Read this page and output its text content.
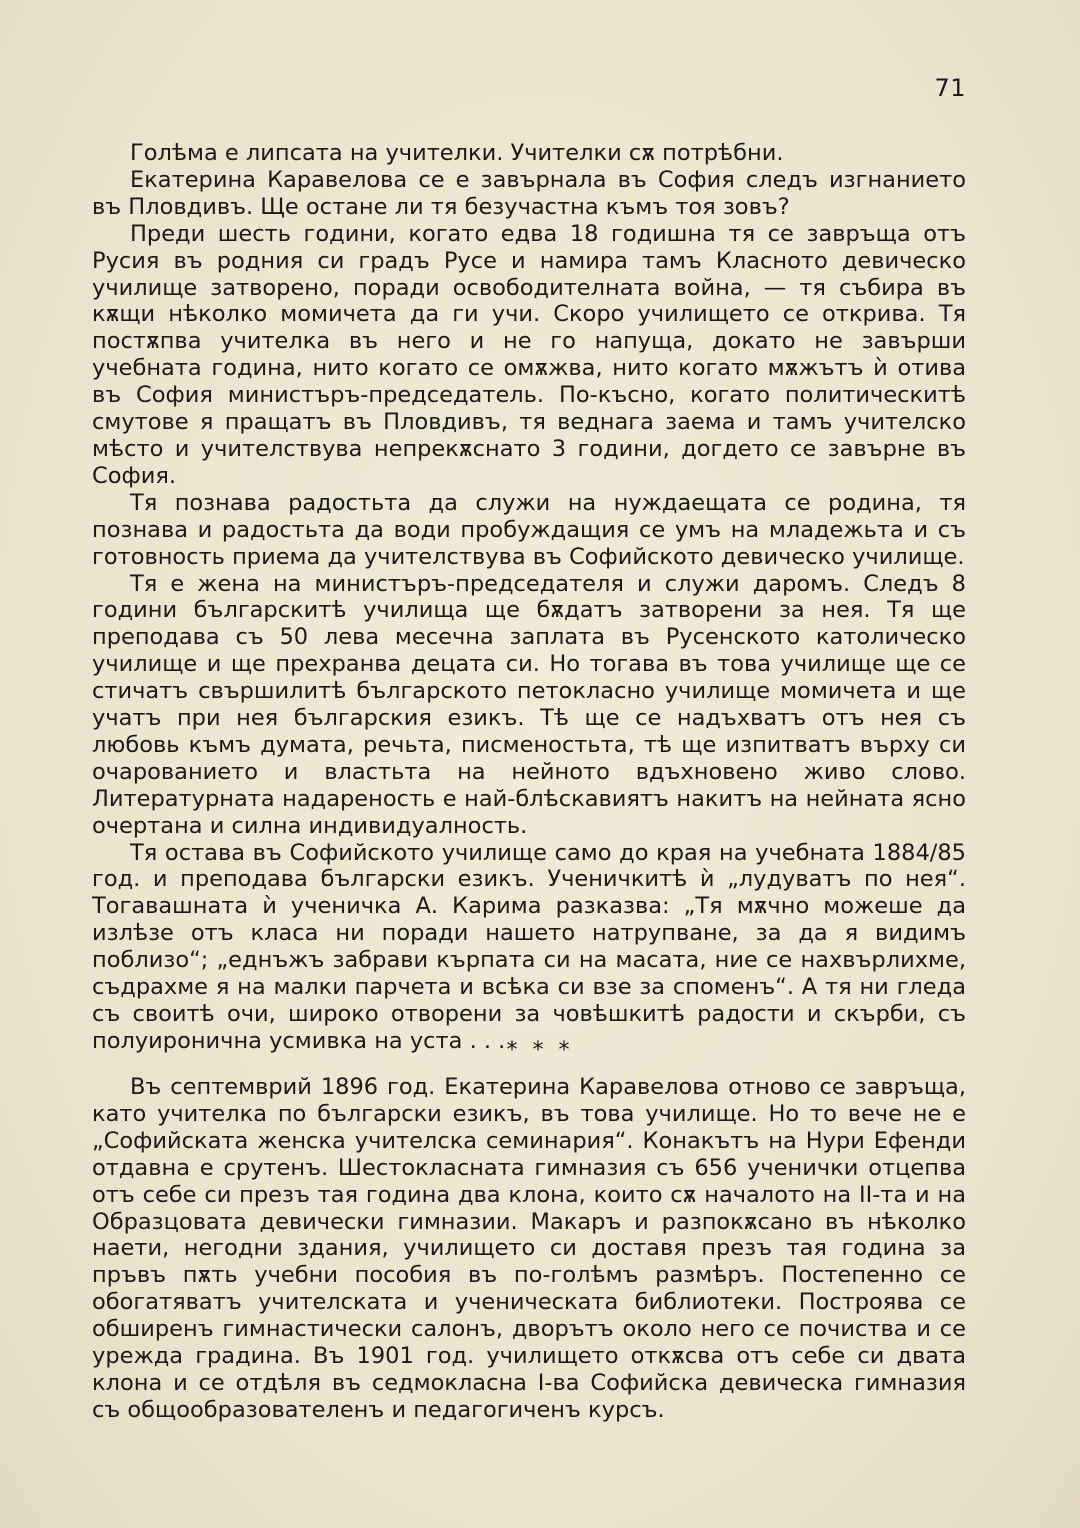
71

Голѣма е липсата на учителки. Учителки сѫ потрѣбни.

Екатерина Каравелова се е завърнала въ София следъ изгнанието въ Пловдивъ. Ще остане ли тя безучастна къмъ тоя зовъ?

Преди шесть години, когато едва 18 годишна тя се завръща отъ Русия въ родния си градъ Русе и намира тамъ Класното девическо училище затворено, поради освободителната война, — тя събира въ кѫщи нѣколко момичета да ги учи. Скоро училището се открива. Тя постѫпва учителка въ него и не го напуща, докато не завърши учебната година, нито когато се омѫжва, нито когато мѫжътъ ѝ отива въ София министъръ-председатель. По-късно, когато политическитѣ смутове я пращатъ въ Пловдивъ, тя веднага заема и тамъ учителско мѣсто и учителствува непрекѫснато 3 години, догдето се завърне въ София.

Тя познава радостьта да служи на нуждаещата се родина, тя познава и радостьта да води пробуждащия се умъ на младежьта и съ готовность приема да учителствува въ Софийското девическо училище.

Тя е жена на министъръ-председателя и служи даромъ. Следъ 8 години българскитѣ училища ще бѫдатъ затворени за нея. Тя ще преподава съ 50 лева месечна заплата въ Русенското католическо училище и ще прехранва децата си. Но тогава въ това училище ще се стичатъ свършилитѣ българското петокласно училище момичета и ще учатъ при нея българския езикъ. Тѣ ще се надъхватъ отъ нея съ любовь къмъ думата, речьта, писменостьта, тѣ ще изпитватъ върху си очарованието и властьта на нейното вдъхновено живо слово. Литературната надареность е най-блѣскавиятъ накитъ на нейната ясно очертана и силна индивидуалность.

Тя остава въ Софийското училище само до края на учебната 1884/85 год. и преподава български езикъ. Ученичкитѣ ѝ „лудуватъ по нея“. Тогавашната ѝ ученичка А. Карима разказва: „Тя мѫчно можеше да излѣзе отъ класа ни поради нашето натрупване, за да я видимъ поблизо“; „еднъжъ забрави кърпата си на масата, ние се нахвърлихме, съдрахме я на малки парчета и всѣка си взе за споменъ“. А тя ни гледа съ своитѣ очи, широко отворени за човѣшкитѣ радости и скърби, съ полуиронична усмивка на уста . . . * * *

Въ септемврий 1896 год. Екатерина Каравелова отново се завръща, като учителка по български езикъ, въ това училище. Но то вече не е „Софийската женска учителска семинария“. Конакътъ на Нури Ефенди отдавна е срутенъ. Шестокласната гимназия съ 656 ученички отцепва отъ себе си презъ тая година два клона, които сѫ началото на II-та и на Образцовата девически гимназии. Макаръ и разпокѫсано въ нѣколко наети, негодни здания, училището си доставя презъ тая година за пръвъ пѫть учебни пособия въ по-голѣмъ размѣръ. Постепенно се обогатяватъ учителската и ученическата библиотеки. Построява се обширенъ гимнастически салонъ, дворътъ около него се почиства и се урежда градина. Въ 1901 год. училището откѫсва отъ себе си двата клона и се отдѣля въ седмокласна I-ва Софийска девическа гимназия съ общообразователенъ и педагогиченъ курсъ.
